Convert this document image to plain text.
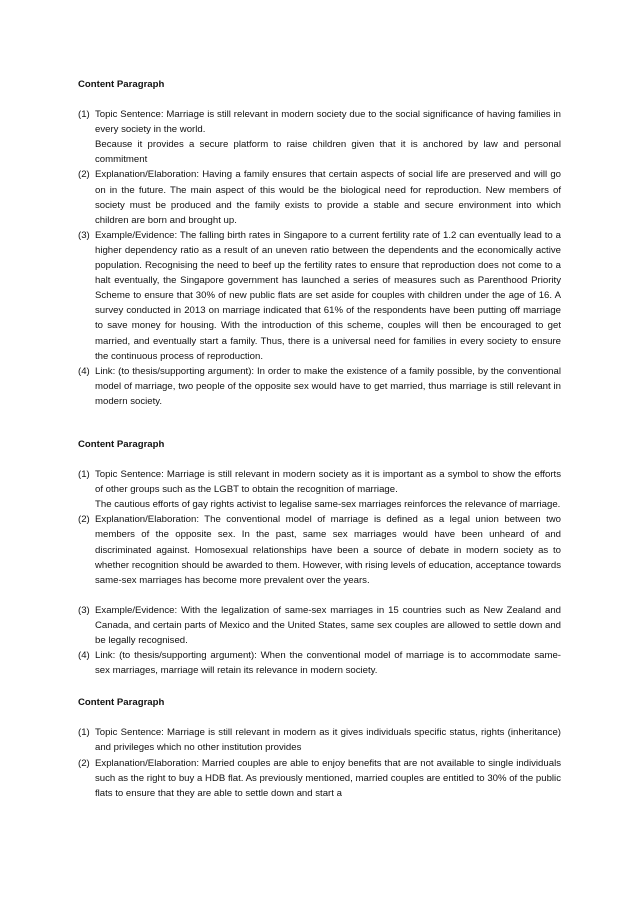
Content Paragraph

(1) Topic Sentence: Marriage is still relevant in modern society due to the social significance of having families in every society in the world.

Because it provides a secure platform to raise children given that it is anchored by law and personal commitment

(2) Explanation/Elaboration: Having a family ensures that certain aspects of social life are preserved and will go on in the future. The main aspect of this would be the biological need for reproduction. New members of society must be produced and the family exists to provide a stable and secure environment into which children are born and brought up.

(3) Example/Evidence: The falling birth rates in Singapore to a current fertility rate of 1.2 can eventually lead to a higher dependency ratio as a result of an uneven ratio between the dependents and the economically active population. Recognising the need to beef up the fertility rates to ensure that reproduction does not come to a halt eventually, the Singapore government has launched a series of measures such as Parenthood Priority Scheme to ensure that 30% of new public flats are set aside for couples with children under the age of 16. A survey conducted in 2013 on marriage indicated that 61% of the respondents have been putting off marriage to save money for housing. With the introduction of this scheme, couples will then be encouraged to get married, and eventually start a family. Thus, there is a universal need for families in every society to ensure the continuous process of reproduction.

(4) Link: (to thesis/supporting argument): In order to make the existence of a family possible, by the conventional model of marriage, two people of the opposite sex would have to get married, thus marriage is still relevant in modern society.

Content Paragraph

(1) Topic Sentence: Marriage is still relevant in modern society as it is important as a symbol to show the efforts of other groups such as the LGBT to obtain the recognition of marriage.

The cautious efforts of gay rights activist to legalise same-sex marriages reinforces the relevance of marriage.

(2) Explanation/Elaboration: The conventional model of marriage is defined as a legal union between two members of the opposite sex. In the past, same sex marriages would have been unheard of and discriminated against. Homosexual relationships have been a source of debate in modern society as to whether recognition should be awarded to them. However, with rising levels of education, acceptance towards same-sex marriages has become more prevalent over the years.

(3) Example/Evidence: With the legalization of same-sex marriages in 15 countries such as New Zealand and Canada, and certain parts of Mexico and the United States, same sex couples are allowed to settle down and be legally recognised.

(4) Link: (to thesis/supporting argument): When the conventional model of marriage is to accommodate same-sex marriages, marriage will retain its relevance in modern society.

Content Paragraph

(1) Topic Sentence: Marriage is still relevant in modern as it gives individuals specific status, rights (inheritance) and privileges which no other institution provides

(2) Explanation/Elaboration: Married couples are able to enjoy benefits that are not available to single individuals such as the right to buy a HDB flat. As previously mentioned, married couples are entitled to 30% of the public flats to ensure that they are able to settle down and start a
